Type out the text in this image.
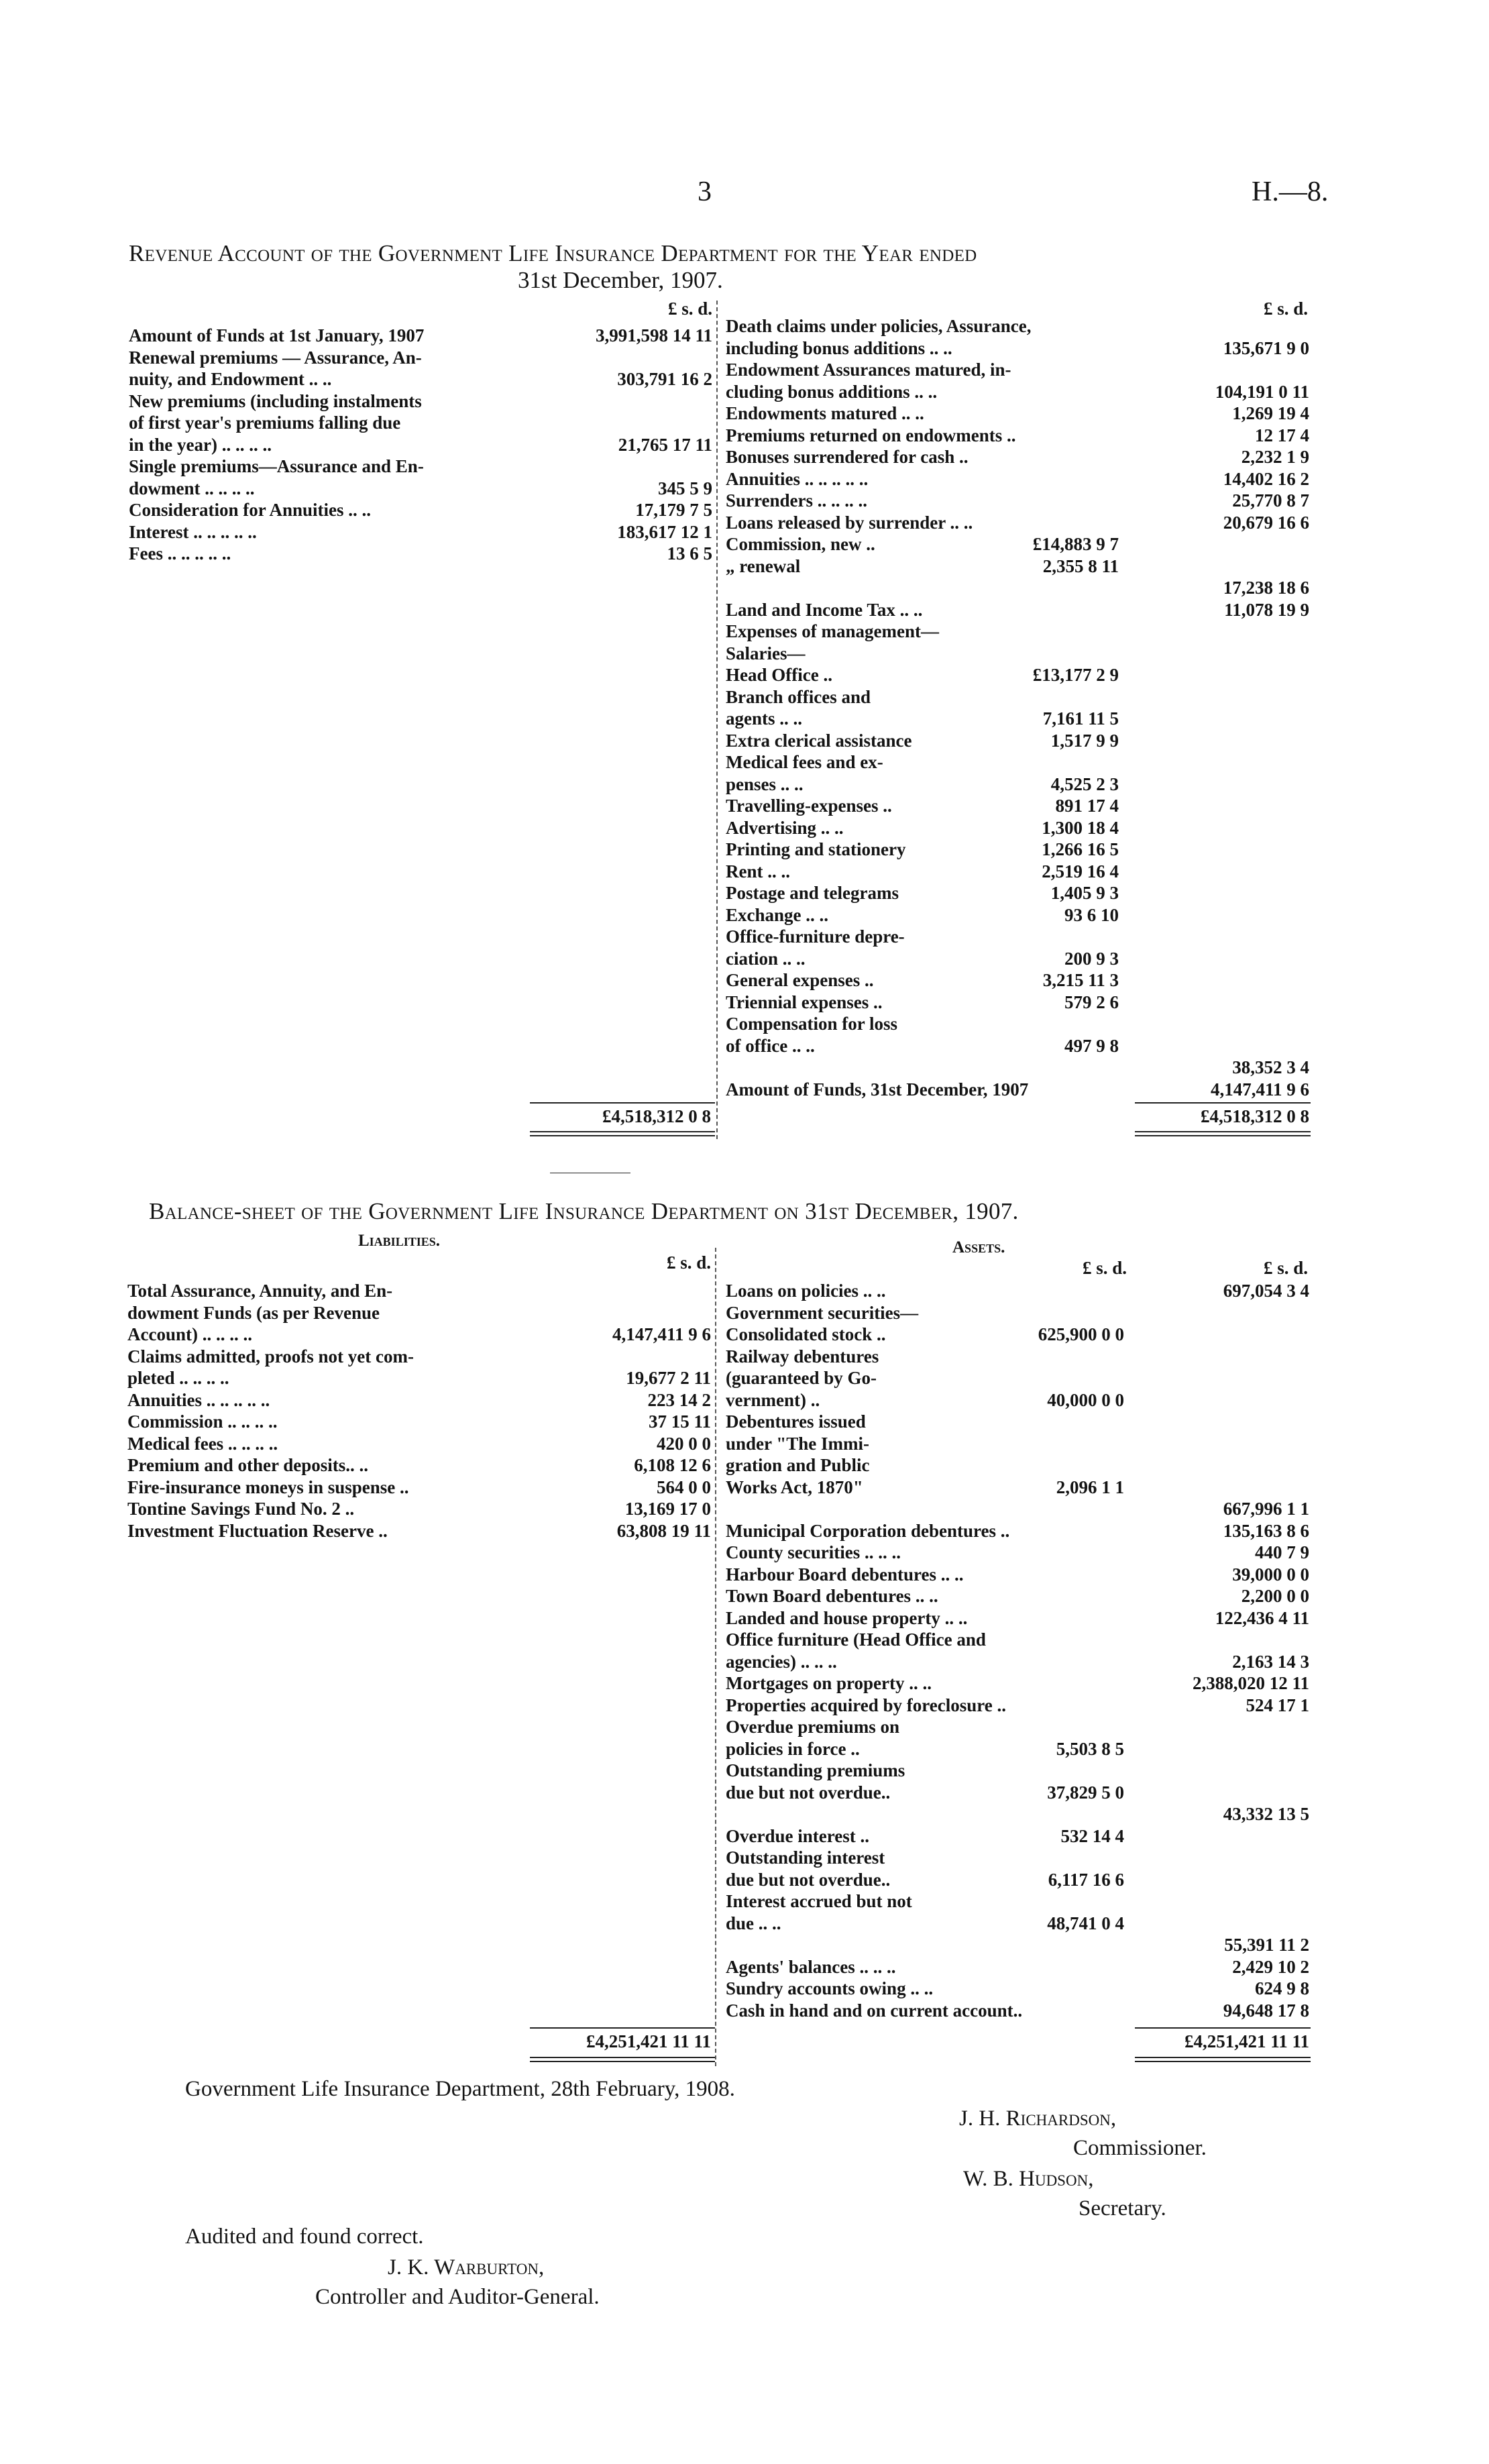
3	H.—8.
Revenue Account of the Government Life Insurance Department for the Year ended
31st December, 1907.
£ s. d.
Amount of Funds at 1st January, 1907	3,991,598 14 11
Renewal premiums — Assurance, An-
nuity, and Endowment .. ..	303,791 16 2
New premiums (including instalments
of first year's premiums falling due
in the year) .. .. .. ..	21,765 17 11
Single premiums—Assurance and En-
dowment .. .. .. ..	345 5 9
Consideration for Annuities .. ..	17,179 7 5
Interest .. .. .. .. ..	183,617 12 1
Fees .. .. .. .. ..	13 6 5
£4,518,312 0 8
£ s. d.
Death claims under policies, Assurance,
including bonus additions .. ..	135,671 9 0
Endowment Assurances matured, in-
cluding bonus additions .. ..	104,191 0 11
Endowments matured .. ..	1,269 19 4
Premiums returned on endowments ..	12 17 4
Bonuses surrendered for cash ..	2,232 1 9
Annuities .. .. .. .. ..	14,402 16 2
Surrenders .. .. .. ..	25,770 8 7
Loans released by surrender .. ..	20,679 16 6
Commission, new ..	£14,883 9 7
„ renewal	2,355 8 11
17,238 18 6
Land and Income Tax .. ..	11,078 19 9
Expenses of management—
Salaries—
Head Office ..	£13,177 2 9
Branch offices and
agents .. ..	7,161 11 5
Extra clerical assistance	1,517 9 9
Medical fees and ex-
penses .. ..	4,525 2 3
Travelling-expenses ..	891 17 4
Advertising .. ..	1,300 18 4
Printing and stationery	1,266 16 5
Rent .. ..	2,519 16 4
Postage and telegrams	1,405 9 3
Exchange .. ..	93 6 10
Office-furniture depre-
ciation .. ..	200 9 3
General expenses ..	3,215 11 3
Triennial expenses ..	579 2 6
Compensation for loss
of office .. ..	497 9 8
38,352 3 4
Amount of Funds, 31st December, 1907	4,147,411 9 6
£4,518,312 0 8
Balance-sheet of the Government Life Insurance Department on 31st December, 1907.
Liabilities.
£ s. d.
Total Assurance, Annuity, and En-
dowment Funds (as per Revenue
Account) .. .. .. ..	4,147,411 9 6
Claims admitted, proofs not yet com-
pleted .. .. .. ..	19,677 2 11
Annuities .. .. .. .. ..	223 14 2
Commission .. .. .. ..	37 15 11
Medical fees .. .. .. ..	420 0 0
Premium and other deposits.. ..	6,108 12 6
Fire-insurance moneys in suspense ..	564 0 0
Tontine Savings Fund No. 2 ..	13,169 17 0
Investment Fluctuation Reserve ..	63,808 19 11
£4,251,421 11 11
Assets.
£ s. d.	£ s. d.
Loans on policies .. ..	697,054 3 4
Government securities—
Consolidated stock ..	625,900 0 0
Railway debentures
(guaranteed by Go-
vernment) ..	40,000 0 0
Debentures issued
under "The Immi-
gration and Public
Works Act, 1870"	2,096 1 1
667,996 1 1
Municipal Corporation debentures ..	135,163 8 6
County securities .. .. ..	440 7 9
Harbour Board debentures .. ..	39,000 0 0
Town Board debentures .. ..	2,200 0 0
Landed and house property .. ..	122,436 4 11
Office furniture (Head Office and
agencies) .. .. ..	2,163 14 3
Mortgages on property .. ..	2,388,020 12 11
Properties acquired by foreclosure ..	524 17 1
Overdue premiums on
policies in force ..	5,503 8 5
Outstanding premiums
due but not overdue..	37,829 5 0
43,332 13 5
Overdue interest ..	532 14 4
Outstanding interest
due but not overdue..	6,117 16 6
Interest accrued but not
due .. ..	48,741 0 4
55,391 11 2
Agents' balances .. .. ..	2,429 10 2
Sundry accounts owing .. ..	624 9 8
Cash in hand and on current account..	94,648 17 8
£4,251,421 11 11
Government Life Insurance Department, 28th February, 1908.
J. H. Richardson,
Commissioner.
W. B. Hudson,
Secretary.
Audited and found correct.
J. K. Warburton,
Controller and Auditor-General.
